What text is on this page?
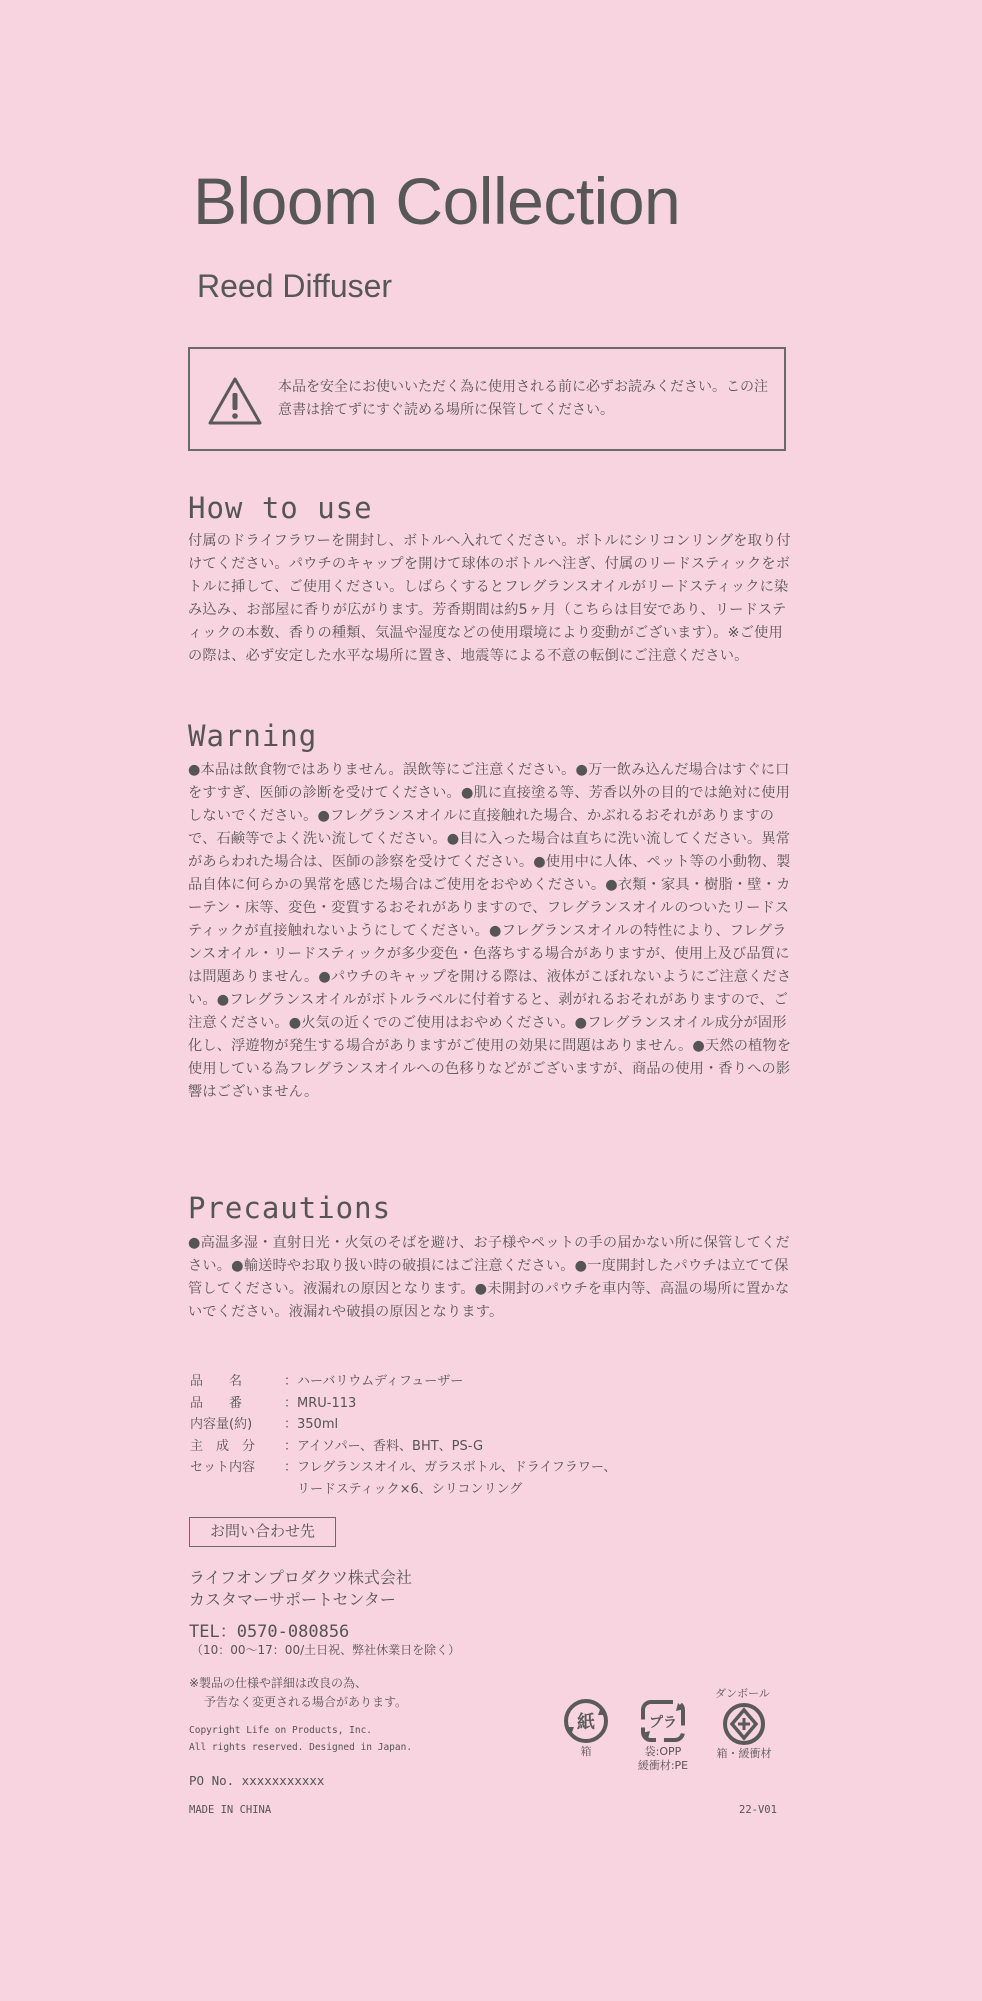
Bloom Collection
Reed Diffuser
本品を安全にお使いいただく為に使用される前に必ずお読みください。この注意書は捨てずにすぐ読める場所に保管してください。
How to use
付属のドライフラワーを開封し、ボトルへ入れてください。ボトルにシリコンリングを取り付けてください。パウチのキャップを開けて球体のボトルへ注ぎ、付属のリードスティックをボトルに挿して、ご使用ください。しばらくするとフレグランスオイルがリードスティックに染み込み、お部屋に香りが広がります。芳香期間は約5ヶ月（こちらは目安であり、リードスティックの本数、香りの種類、気温や湿度などの使用環境により変動がございます）。※ご使用の際は、必ず安定した水平な場所に置き、地震等による不意の転倒にご注意ください。
Warning
●本品は飲食物ではありません。誤飲等にご注意ください。●万一飲み込んだ場合はすぐに口をすすぎ、医師の診断を受けてください。●肌に直接塗る等、芳香以外の目的では絶対に使用しないでください。●フレグランスオイルに直接触れた場合、かぶれるおそれがありますので、石鹸等でよく洗い流してください。●目に入った場合は直ちに洗い流してください。異常があらわれた場合は、医師の診察を受けてください。●使用中に人体、ペット等の小動物、製品自体に何らかの異常を感じた場合はご使用をおやめください。●衣類・家具・樹脂・壁・カーテン・床等、変色・変質するおそれがありますので、フレグランスオイルのついたリードスティックが直接触れないようにしてください。●フレグランスオイルの特性により、フレグランスオイル・リードスティックが多少変色・色落ちする場合がありますが、使用上及び品質には問題ありません。●パウチのキャップを開ける際は、液体がこぼれないようにご注意ください。●フレグランスオイルがボトルラベルに付着すると、剥がれるおそれがありますので、ご注意ください。●火気の近くでのご使用はおやめください。●フレグランスオイル成分が固形化し、浮遊物が発生する場合がありますがご使用の効果に問題はありません。●天然の植物を使用している為フレグランスオイルへの色移りなどがございますが、商品の使用・香りへの影響はございません。
Precautions
●高温多湿・直射日光・火気のそばを避け、お子様やペットの手の届かない所に保管してください。●輸送時やお取り扱い時の破損にはご注意ください。●一度開封したパウチは立てて保管してください。液漏れの原因となります。●未開封のパウチを車内等、高温の場所に置かないでください。液漏れや破損の原因となります。
品　　名	：ハーバリウムディフューザー
品　　番	：MRU-113
内容量(約)	：350ml
主　成　分	：アイソパー、香料、BHT、PS-G
セット内容	：フレグランスオイル、ガラスボトル、ドライフラワー、
　リードスティック×6、シリコンリング
お問い合わせ先
ライフオンプロダクツ株式会社
カスタマーサポートセンター
TEL：0570-080856
（10：00〜17：00/土日祝、弊社休業日を除く）
※製品の仕様や詳細は改良の為、
予告なく変更される場合があります。
Copyright Life on Products, Inc.
All rights reserved. Designed in Japan.
PO No. xxxxxxxxxxx
MADE IN CHINA	22-V01
紙
箱
プラ
袋:OPP
緩衝材:PE
ダンボール
箱・緩衝材
